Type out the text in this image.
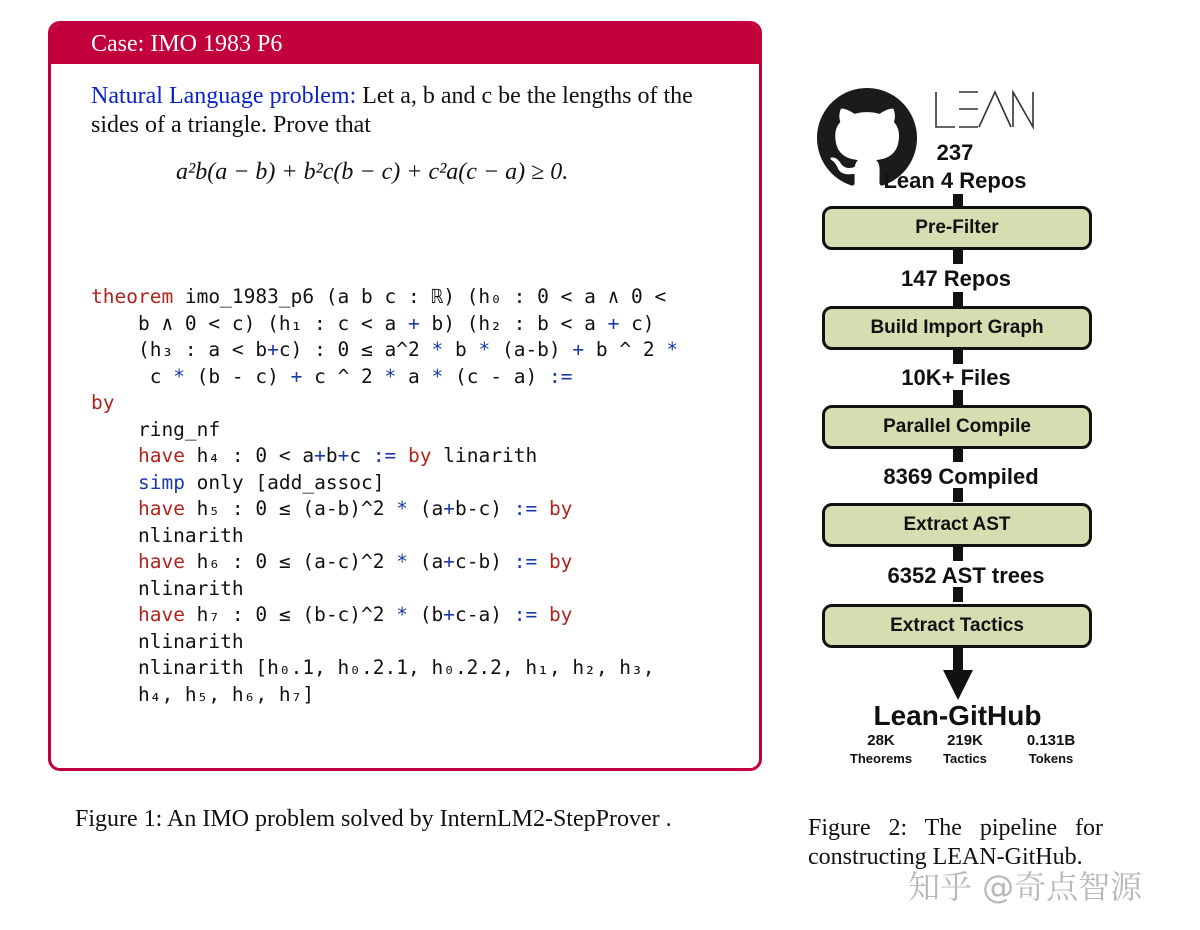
Case: IMO 1983 P6
Natural Language problem: Let a, b and c be the lengths of the sides of a triangle. Prove that
a²b(a − b) + b²c(b − c) + c²a(c − a) ≥ 0.
theorem imo_1983_p6 (a b c : ℝ) (h₀ : 0 < a ∧ 0 <
b ∧ 0 < c) (h₁ : c < a + b) (h₂ : b < a + c)
(h₃ : a < b+c) : 0 ≤ a^2 * b * (a-b) + b ^ 2 *
c * (b - c) + c ^ 2 * a * (c - a) :=
by
ring_nf
have h₄ : 0 < a+b+c := by linarith
simp only [add_assoc]
have h₅ : 0 ≤ (a-b)^2 * (a+b-c) := by
nlinarith
have h₆ : 0 ≤ (a-c)^2 * (a+c-b) := by
nlinarith
have h₇ : 0 ≤ (b-c)^2 * (b+c-a) := by
nlinarith
nlinarith [h₀.1, h₀.2.1, h₀.2.2, h₁, h₂, h₃,
h₄, h₅, h₆, h₇]
Figure 1: An IMO problem solved by InternLM2-StepProver .
237
Lean 4 Repos
Pre-Filter
147 Repos
Build Import Graph
10K+ Files
Parallel Compile
8369 Compiled
Extract AST
6352 AST trees
Extract Tactics
Lean-GitHub
28K
Theorems
219K
Tactics
0.131B
Tokens
Figure 2: The pipeline for constructing LEAN-GitHub.
知乎 @奇点智源
